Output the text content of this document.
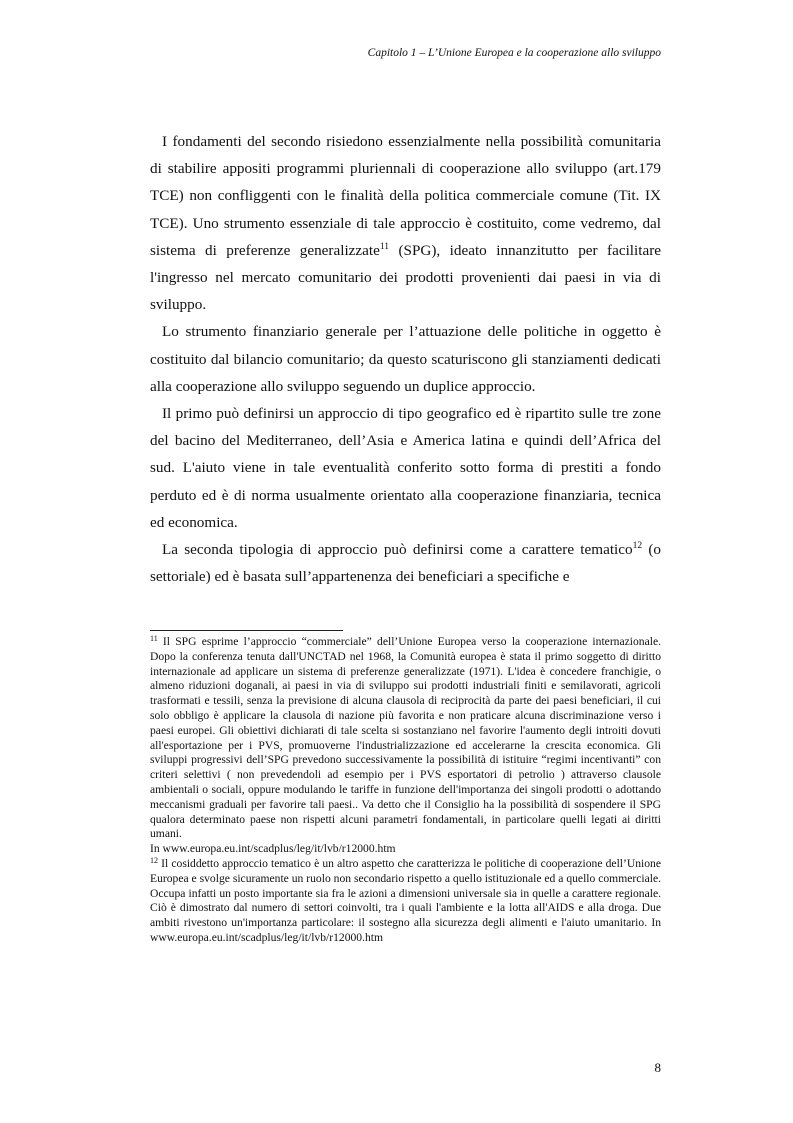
Capitolo 1 – L’Unione Europea e la cooperazione allo sviluppo

I fondamenti del secondo risiedono essenzialmente nella possibilità comunitaria di stabilire appositi programmi pluriennali di cooperazione allo sviluppo (art.179 TCE) non confliggenti con le finalità della politica commerciale comune (Tit. IX TCE). Uno strumento essenziale di tale approccio è costituito, come vedremo, dal sistema di preferenze generalizzate$^{11}$ (SPG), ideato innanzitutto per facilitare l'ingresso nel mercato comunitario dei prodotti provenienti dai paesi in via di sviluppo.

Lo strumento finanziario generale per l’attuazione delle politiche in oggetto è costituito dal bilancio comunitario; da questo scaturiscono gli stanziamenti dedicati alla cooperazione allo sviluppo seguendo un duplice approccio.

Il primo può definirsi un approccio di tipo geografico ed è ripartito sulle tre zone del bacino del Mediterraneo, dell’Asia e America latina e quindi dell’Africa del sud. L'aiuto viene in tale eventualità conferito sotto forma di prestiti a fondo perduto ed è di norma usualmente orientato alla cooperazione finanziaria, tecnica ed economica.

La seconda tipologia di approccio può definirsi come a carattere tematico$^{12}$ (o settoriale) ed è basata sull’appartenenza dei beneficiari a specifiche e

$^{11}$ Il SPG esprime l’approccio “commerciale” dell’Unione Europea verso la cooperazione internazionale. Dopo la conferenza tenuta dall'UNCTAD nel 1968, la Comunità europea è stata il primo soggetto di diritto internazionale ad applicare un sistema di preferenze generalizzate (1971). L'idea è concedere franchigie, o almeno riduzioni doganali, ai paesi in via di sviluppo sui prodotti industriali finiti e semilavorati, agricoli trasformati e tessili, senza la previsione di alcuna clausola di reciprocità da parte dei paesi beneficiari, il cui solo obbligo è applicare la clausola di nazione più favorita e non praticare alcuna discriminazione verso i paesi europei. Gli obiettivi dichiarati di tale scelta si sostanziano nel favorire l'aumento degli introiti dovuti all'esportazione per i PVS, promuoverne l'industrializzazione ed accelerarne la crescita economica. Gli sviluppi progressivi dell’SPG prevedono successivamente la possibilità di istituire “regimi incentivanti” con criteri selettivi ( non prevedendoli ad esempio per i PVS esportatori di petrolio ) attraverso clausole ambientali o sociali, oppure modulando le tariffe in funzione dell'importanza dei singoli prodotti o adottando meccanismi graduali per favorire tali paesi.. Va detto che il Consiglio ha la possibilità di sospendere il SPG qualora determinato paese non rispetti alcuni parametri fondamentali, in particolare quelli legati ai diritti umani.

In www.europa.eu.int/scadplus/leg/it/lvb/r12000.htm

$^{12}$ Il cosiddetto approccio tematico è un altro aspetto che caratterizza le politiche di cooperazione dell’Unione Europea e svolge sicuramente un ruolo non secondario rispetto a quello istituzionale ed a quello commerciale. Occupa infatti un posto importante sia fra le azioni a dimensioni universale sia in quelle a carattere regionale. Ciò è dimostrato dal numero di settori coinvolti, tra i quali l'ambiente e la lotta all'AIDS e alla droga. Due ambiti rivestono un'importanza particolare: il sostegno alla sicurezza degli alimenti e l'aiuto umanitario. In www.europa.eu.int/scadplus/leg/it/lvb/r12000.htm

8
